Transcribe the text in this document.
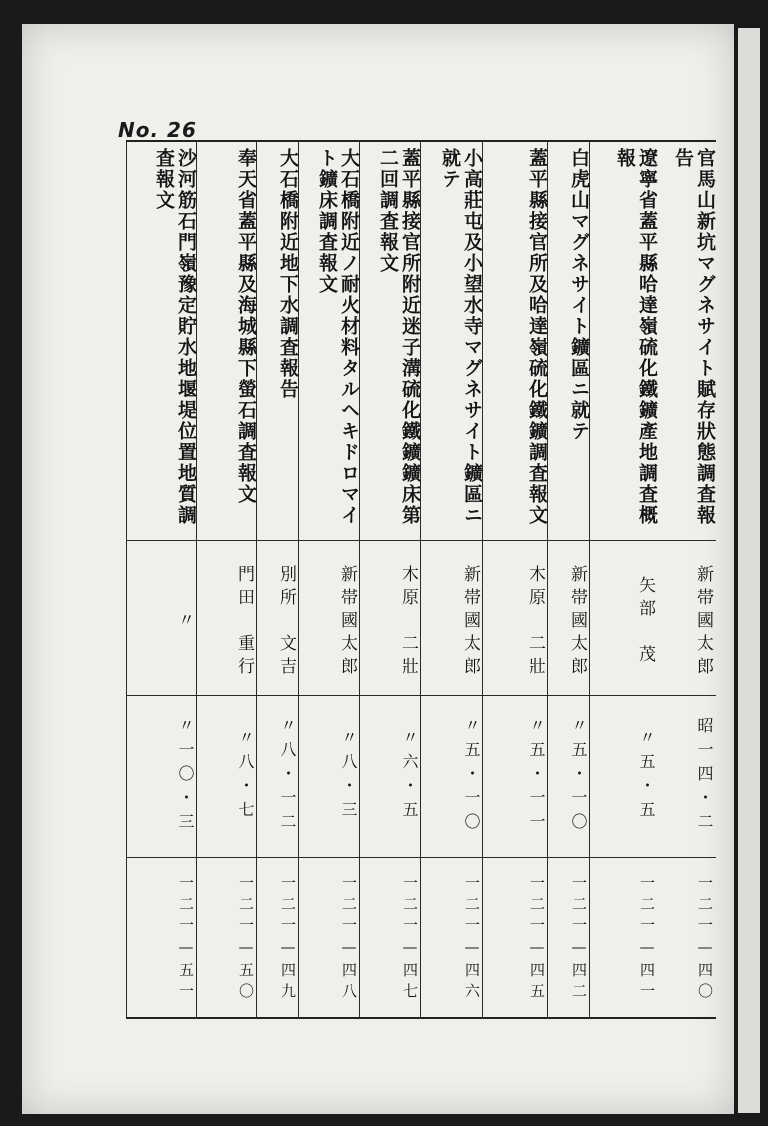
No. 26
官馬山新坑マグネサイト賦存狀態調査報告
新帯國太郎
昭一四・二
一二一—四〇
遼寧省蓋平縣哈達嶺硫化鐵鑛產地調査概報
矢部　茂
〃五・五
一二一—四一
白虎山マグネサイト鑛區ニ就テ
新帯國太郎
〃五・一〇
一二一—四二
蓋平縣接官所及哈達嶺硫化鐵鑛調査報文
木原　二壯
〃五・一一
一二一—四五
小高莊屯及小望水寺マグネサイト鑛區ニ就テ
新帯國太郎
〃五・一〇
一二一—四六
蓋平縣接官所附近迷子溝硫化鐵鑛鑛床第二回調査報文
木原　二壯
〃六・五
一二一—四七
大石橋附近ノ耐火材料タルヘキドロマイト鑛床調査報文
新帯國太郎
〃八・三
一二一—四八
大石橋附近地下水調査報告
別所　文吉
〃八・一二
一二一—四九
奉天省蓋平縣及海城縣下螢石調査報文
門田　重行
〃八・七
一二一—五〇
沙河筋石門嶺豫定貯水地堰堤位置地質調査報文
〃
〃一〇・三
一二一—五一
